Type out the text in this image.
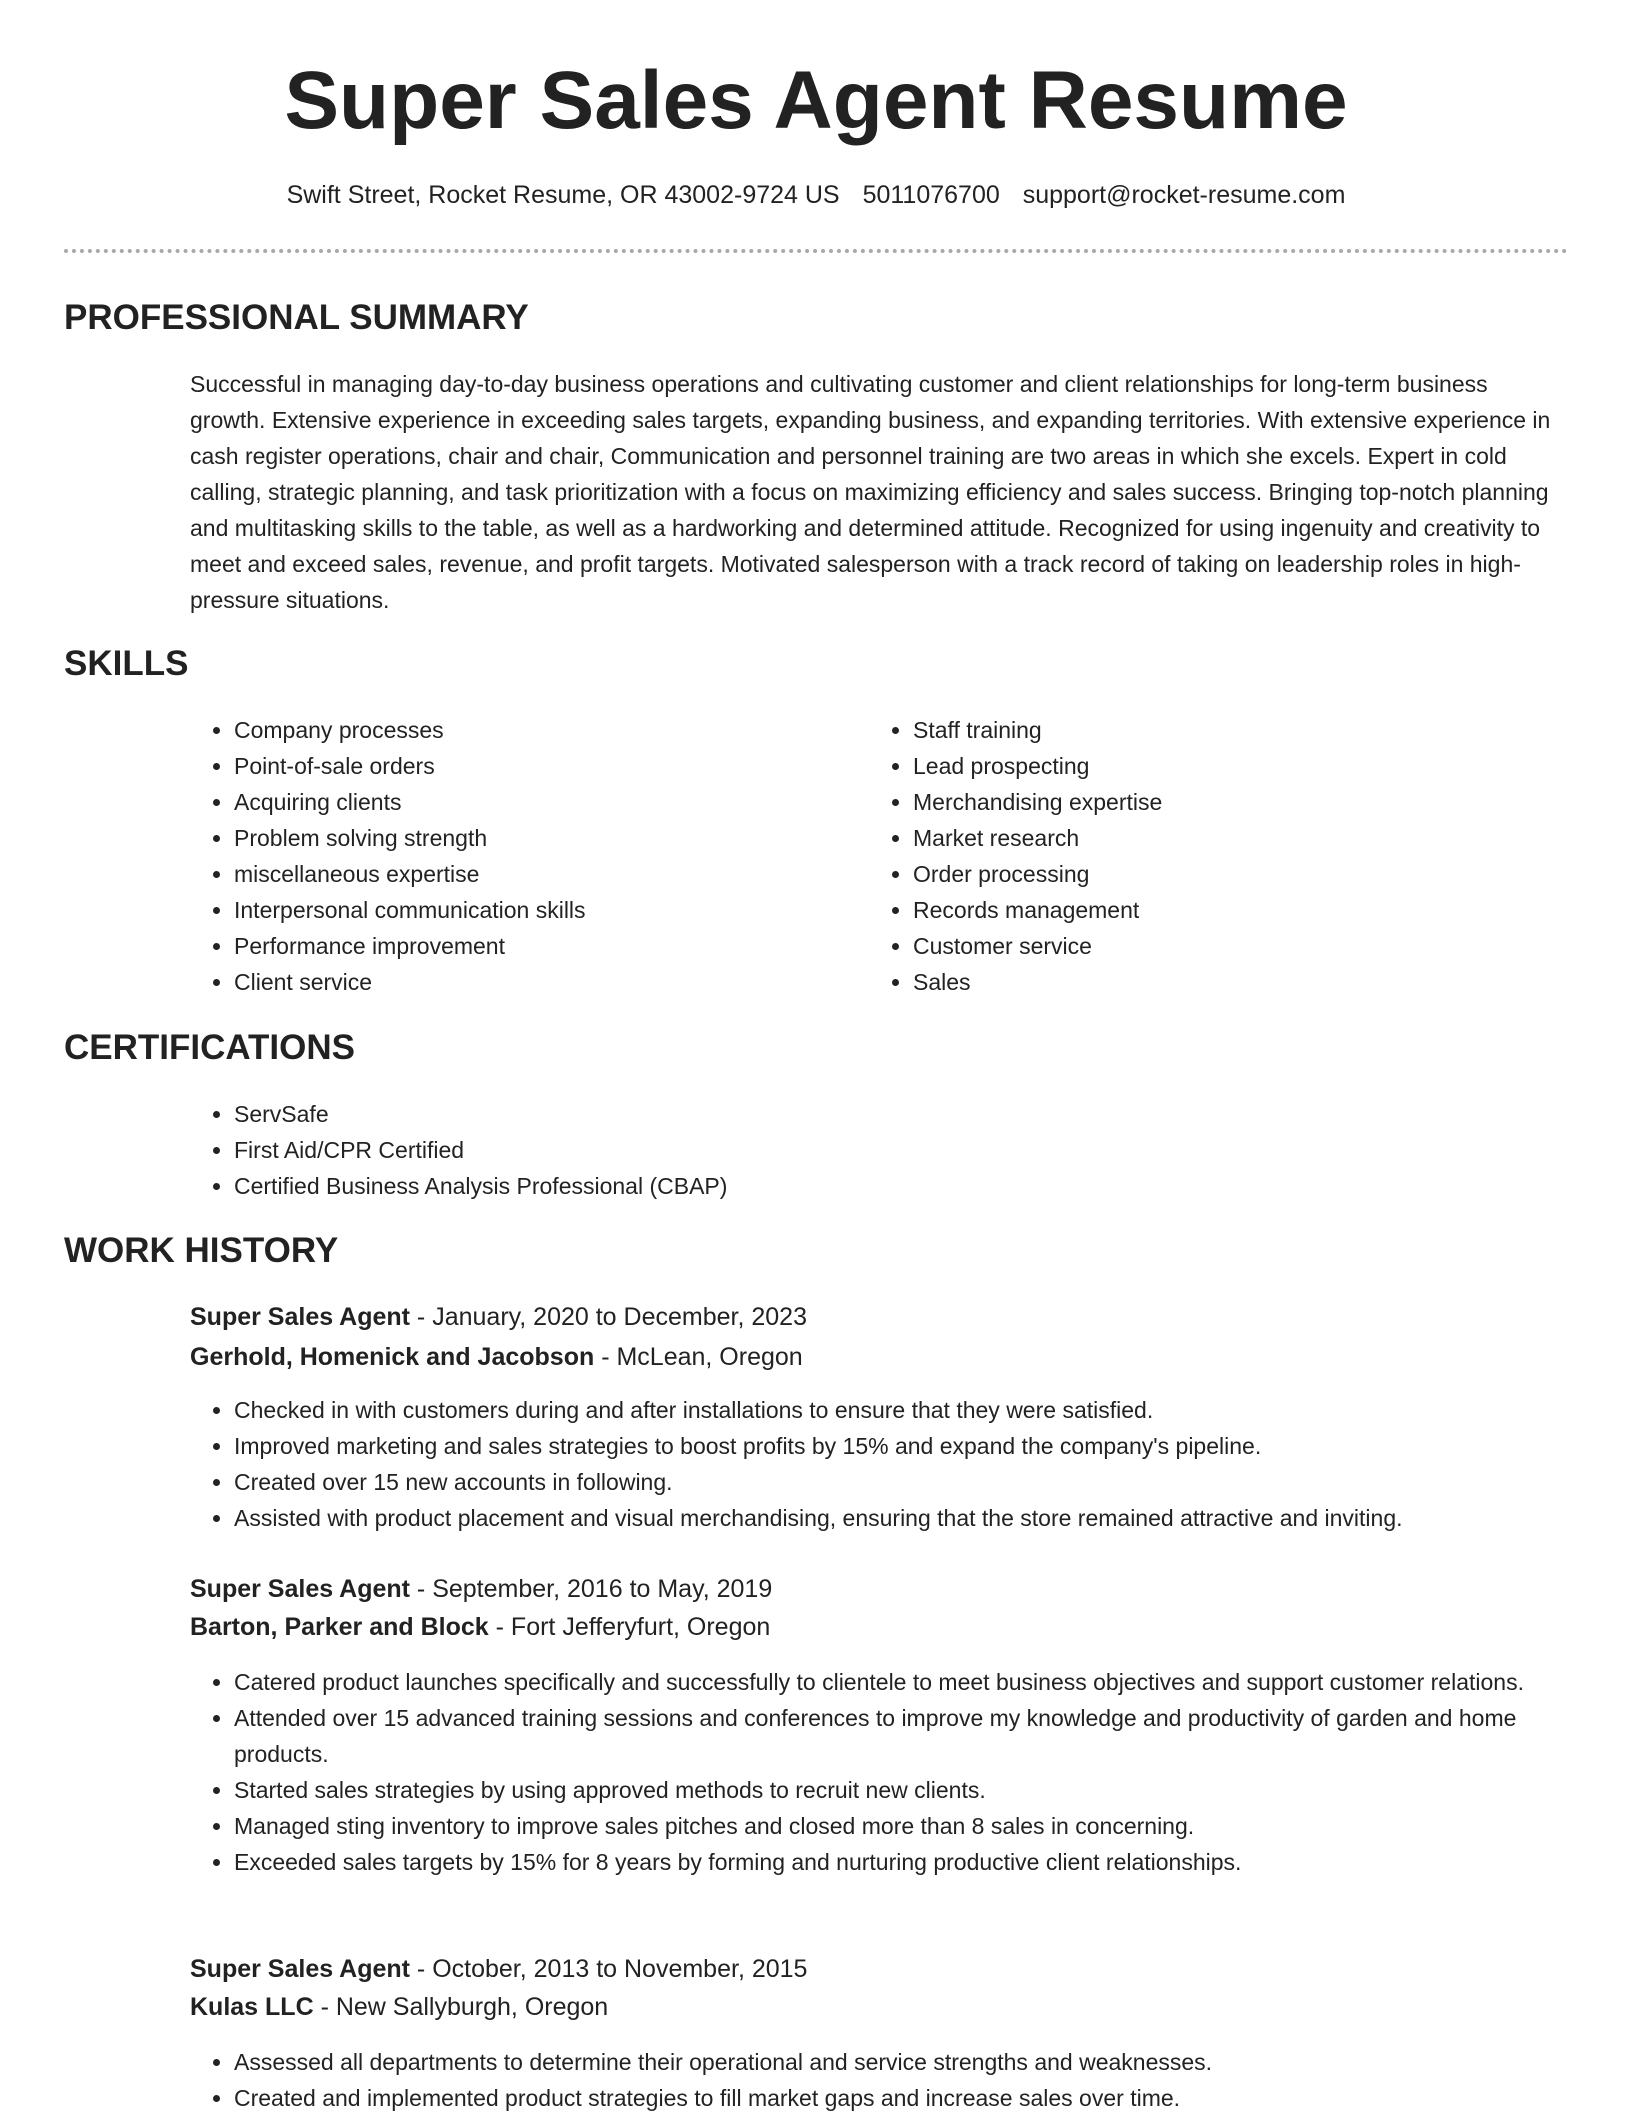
Super Sales Agent Resume
Swift Street, Rocket Resume, OR 43002-9724 US 5011076700 support@rocket-resume.com
PROFESSIONAL SUMMARY

Successful in managing day-to-day business operations and cultivating customer and client relationships for long-term business growth. Extensive experience in exceeding sales targets, expanding business, and expanding territories. With extensive experience in cash register operations, chair and chair, Communication and personnel training are two areas in which she excels. Expert in cold calling, strategic planning, and task prioritization with a focus on maximizing efficiency and sales success. Bringing top-notch planning and multitasking skills to the table, as well as a hardworking and determined attitude. Recognized for using ingenuity and creativity to meet and exceed sales, revenue, and profit targets. Motivated salesperson with a track record of taking on leadership roles in high-pressure situations.

SKILLS
• Company processes
• Point-of-sale orders
• Acquiring clients
• Problem solving strength
• miscellaneous expertise
• Interpersonal communication skills
• Performance improvement
• Client service
• Staff training
• Lead prospecting
• Merchandising expertise
• Market research
• Order processing
• Records management
• Customer service
• Sales
CERTIFICATIONS
• ServSafe
• First Aid/CPR Certified
• Certified Business Analysis Professional (CBAP)
WORK HISTORY
Super Sales Agent - January, 2020 to December, 2023
Gerhold, Homenick and Jacobson - McLean, Oregon
• Checked in with customers during and after installations to ensure that they were satisfied.
• Improved marketing and sales strategies to boost profits by 15% and expand the company's pipeline.
• Created over 15 new accounts in following.
• Assisted with product placement and visual merchandising, ensuring that the store remained attractive and inviting.
Super Sales Agent - September, 2016 to May, 2019
Barton, Parker and Block - Fort Jefferyfurt, Oregon
• Catered product launches specifically and successfully to clientele to meet business objectives and support customer relations.
• Attended over 15 advanced training sessions and conferences to improve my knowledge and productivity of garden and home products.
• Started sales strategies by using approved methods to recruit new clients.
• Managed sting inventory to improve sales pitches and closed more than 8 sales in concerning.
• Exceeded sales targets by 15% for 8 years by forming and nurturing productive client relationships.
Super Sales Agent - October, 2013 to November, 2015
Kulas LLC - New Sallyburgh, Oregon
• Assessed all departments to determine their operational and service strengths and weaknesses.
• Created and implemented product strategies to fill market gaps and increase sales over time.
